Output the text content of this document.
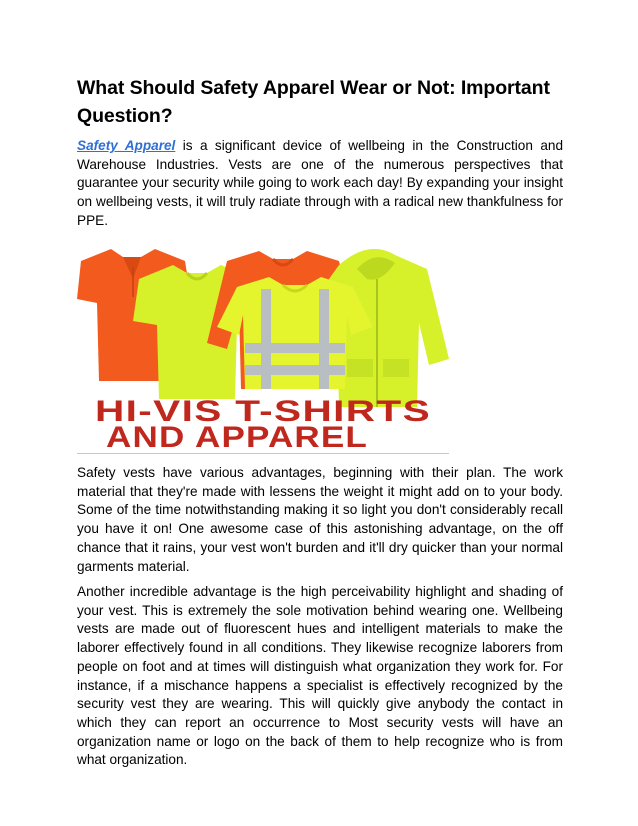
What Should Safety Apparel Wear or Not: Important Question?

Safety Apparel is a significant device of wellbeing in the Construction and Warehouse Industries. Vests are one of the numerous perspectives that guarantee your security while going to work each day! By expanding your insight on wellbeing vests, it will truly radiate through with a radical new thankfulness for PPE.

HI-VIS T-SHIRTS
AND APPAREL

Safety vests have various advantages, beginning with their plan. The work material that they're made with lessens the weight it might add on to your body. Some of the time notwithstanding making it so light you don't considerably recall you have it on! One awesome case of this astonishing advantage, on the off chance that it rains, your vest won't burden and it'll dry quicker than your normal garments material.

Another incredible advantage is the high perceivability highlight and shading of your vest. This is extremely the sole motivation behind wearing one. Wellbeing vests are made out of fluorescent hues and intelligent materials to make the laborer effectively found in all conditions. They likewise recognize laborers from people on foot and at times will distinguish what organization they work for. For instance, if a mischance happens a specialist is effectively recognized by the security vest they are wearing. This will quickly give anybody the contact in which they can report an occurrence to Most security vests will have an organization name or logo on the back of them to help recognize who is from what organization.
